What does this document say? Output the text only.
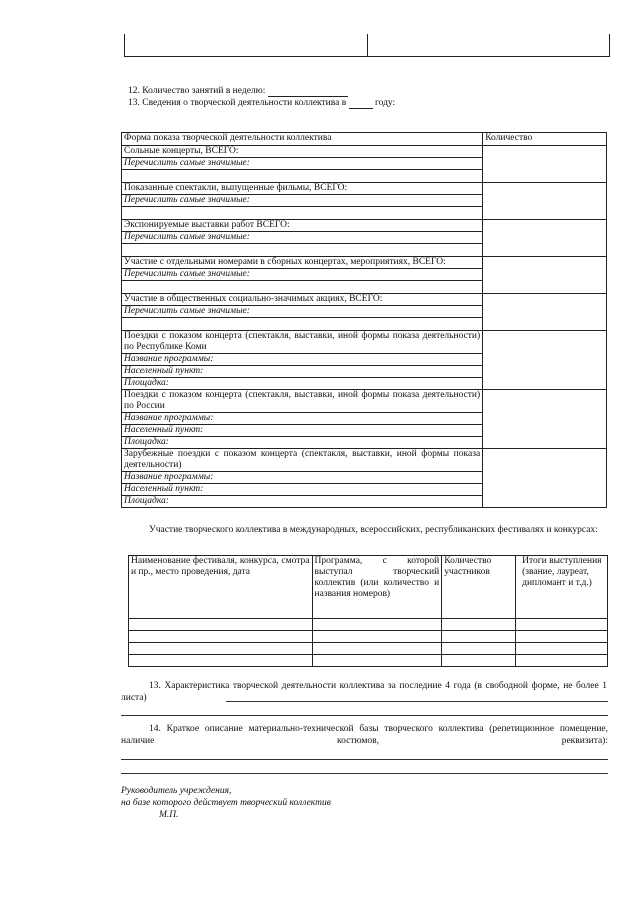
12. Количество занятий в неделю:
13. Сведения о творческой деятельности коллектива в	году:
Форма показа творческой деятельности коллектива	Количество
Сольные концерты, ВСЕГО:	
Перечислить самые значимые:	

Показанные спектакли, выпущенные фильмы, ВСЕГО:	
Перечислить самые значимые:	

Экспонируемые выставки работ ВСЕГО:	
Перечислить самые значимые:	

Участие с отдельными номерами в сборных концертах, мероприятиях, ВСЕГО:	
Перечислить самые значимые:	

Участие в общественных социально-значимых акциях, ВСЕГО:	
Перечислить самые значимые:	

Поездки с показом концерта (спектакля, выставки, иной формы показа деятельности) по Республике Коми	
Название программы:	
Населенный пункт:	
Площадка:	
Поездки с показом концерта (спектакля, выставки, иной формы показа деятельности) по России	
Название программы:	
Населенный пункт:	
Площадка:	
Зарубежные поездки с показом концерта (спектакля, выставки, иной формы показа деятельности)	
Название программы:	
Населенный пункт:	
Площадка:	
Участие творческого коллектива в международных, всероссийских, республиканских фестивалях и конкурсах:
Наименование фестиваля, конкурса, смотра и пр., место проведения, дата	Программа, с которой выступал творческий коллектив (или количество и названия номеров)	Количество участников	Итоги выступления (звание, лауреат, дипломант и т.д.)

13. Характеристика творческой деятельности коллектива за последние 4 года (в свободной форме, не более 1 листа)
14. Краткое описание материально-технической базы творческого коллектива (репетиционное помещение, наличие костюмов, реквизита):
Руководитель учреждения,
на базе которого действует творческий коллектив
М.П.
